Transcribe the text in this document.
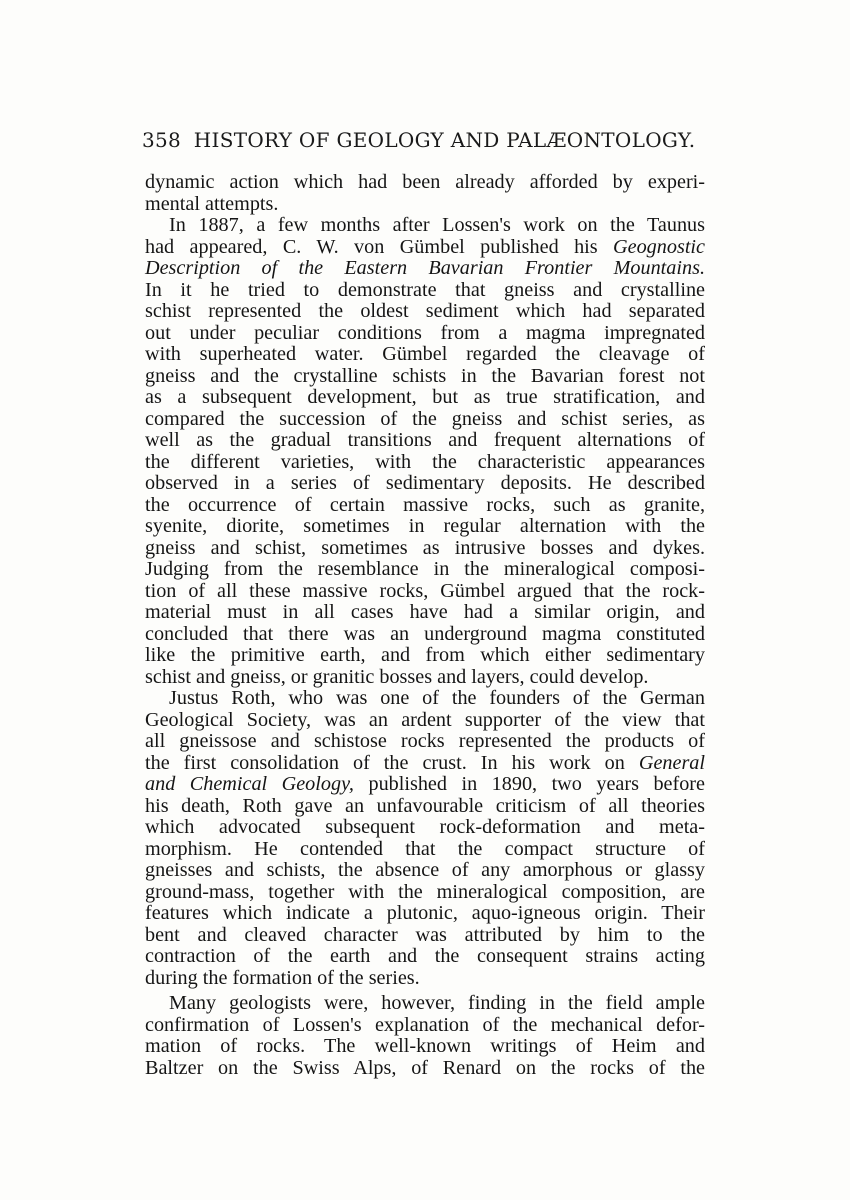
358 HISTORY OF GEOLOGY AND PALÆONTOLOGY.
dynamic action which had been already afforded by experi-
mental attempts.
In 1887, a few months after Lossen's work on the Taunus
had appeared, C. W. von Gümbel published his Geognostic
Description of the Eastern Bavarian Frontier Mountains.
In it he tried to demonstrate that gneiss and crystalline
schist represented the oldest sediment which had separated
out under peculiar conditions from a magma impregnated
with superheated water. Gümbel regarded the cleavage of
gneiss and the crystalline schists in the Bavarian forest not
as a subsequent development, but as true stratification, and
compared the succession of the gneiss and schist series, as
well as the gradual transitions and frequent alternations of
the different varieties, with the characteristic appearances
observed in a series of sedimentary deposits. He described
the occurrence of certain massive rocks, such as granite,
syenite, diorite, sometimes in regular alternation with the
gneiss and schist, sometimes as intrusive bosses and dykes.
Judging from the resemblance in the mineralogical composi-
tion of all these massive rocks, Gümbel argued that the rock-
material must in all cases have had a similar origin, and
concluded that there was an underground magma constituted
like the primitive earth, and from which either sedimentary
schist and gneiss, or granitic bosses and layers, could develop.
Justus Roth, who was one of the founders of the German
Geological Society, was an ardent supporter of the view that
all gneissose and schistose rocks represented the products of
the first consolidation of the crust. In his work on General
and Chemical Geology, published in 1890, two years before
his death, Roth gave an unfavourable criticism of all theories
which advocated subsequent rock-deformation and meta-
morphism. He contended that the compact structure of
gneisses and schists, the absence of any amorphous or glassy
ground-mass, together with the mineralogical composition, are
features which indicate a plutonic, aquo-igneous origin. Their
bent and cleaved character was attributed by him to the
contraction of the earth and the consequent strains acting
during the formation of the series.
Many geologists were, however, finding in the field ample
confirmation of Lossen's explanation of the mechanical defor-
mation of rocks. The well-known writings of Heim and
Baltzer on the Swiss Alps, of Renard on the rocks of the
